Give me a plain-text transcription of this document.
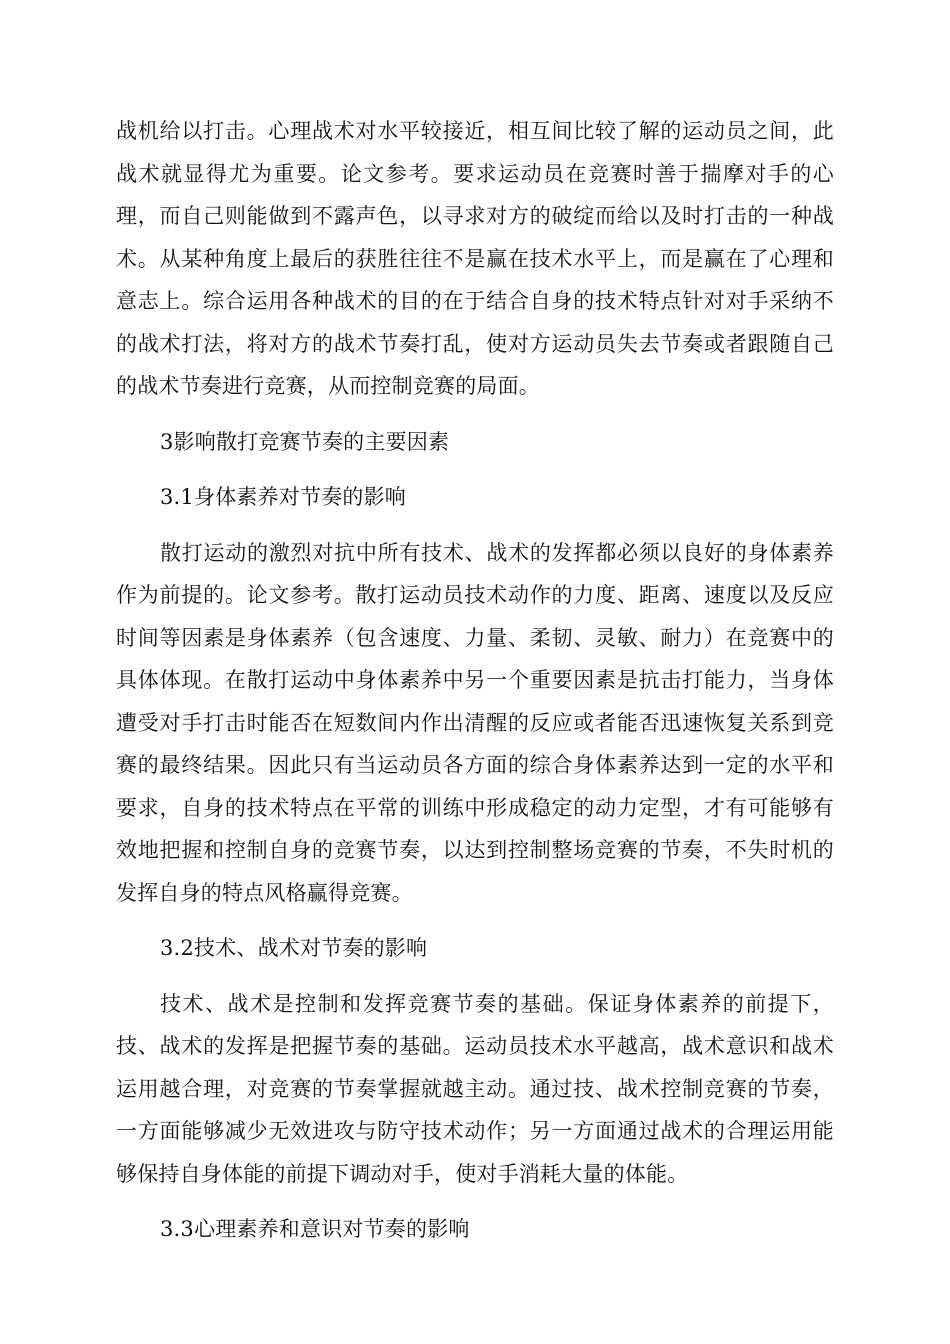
战机给以打击。心理战术对水平较接近，相互间比较了解的运动员之间，此战术就显得尤为重要。论文参考。要求运动员在竞赛时善于揣摩对手的心理，而自己则能做到不露声色，以寻求对方的破绽而给以及时打击的一种战术。从某种角度上最后的获胜往往不是赢在技术水平上，而是赢在了心理和意志上。综合运用各种战术的目的在于结合自身的技术特点针对对手采纳不的战术打法，将对方的战术节奏打乱，使对方运动员失去节奏或者跟随自己的战术节奏进行竞赛，从而控制竞赛的局面。

3影响散打竞赛节奏的主要因素

3.1身体素养对节奏的影响

散打运动的激烈对抗中所有技术、战术的发挥都必须以良好的身体素养作为前提的。论文参考。散打运动员技术动作的力度、距离、速度以及反应时间等因素是身体素养（包含速度、力量、柔韧、灵敏、耐力）在竞赛中的具体体现。在散打运动中身体素养中另一个重要因素是抗击打能力，当身体遭受对手打击时能否在短数间内作出清醒的反应或者能否迅速恢复关系到竞赛的最终结果。因此只有当运动员各方面的综合身体素养达到一定的水平和要求，自身的技术特点在平常的训练中形成稳定的动力定型，才有可能够有效地把握和控制自身的竞赛节奏，以达到控制整场竞赛的节奏，不失时机的发挥自身的特点风格赢得竞赛。

3.2技术、战术对节奏的影响

技术、战术是控制和发挥竞赛节奏的基础。保证身体素养的前提下，技、战术的发挥是把握节奏的基础。运动员技术水平越高，战术意识和战术运用越合理，对竞赛的节奏掌握就越主动。通过技、战术控制竞赛的节奏，一方面能够减少无效进攻与防守技术动作；另一方面通过战术的合理运用能够保持自身体能的前提下调动对手，使对手消耗大量的体能。

3.3心理素养和意识对节奏的影响
